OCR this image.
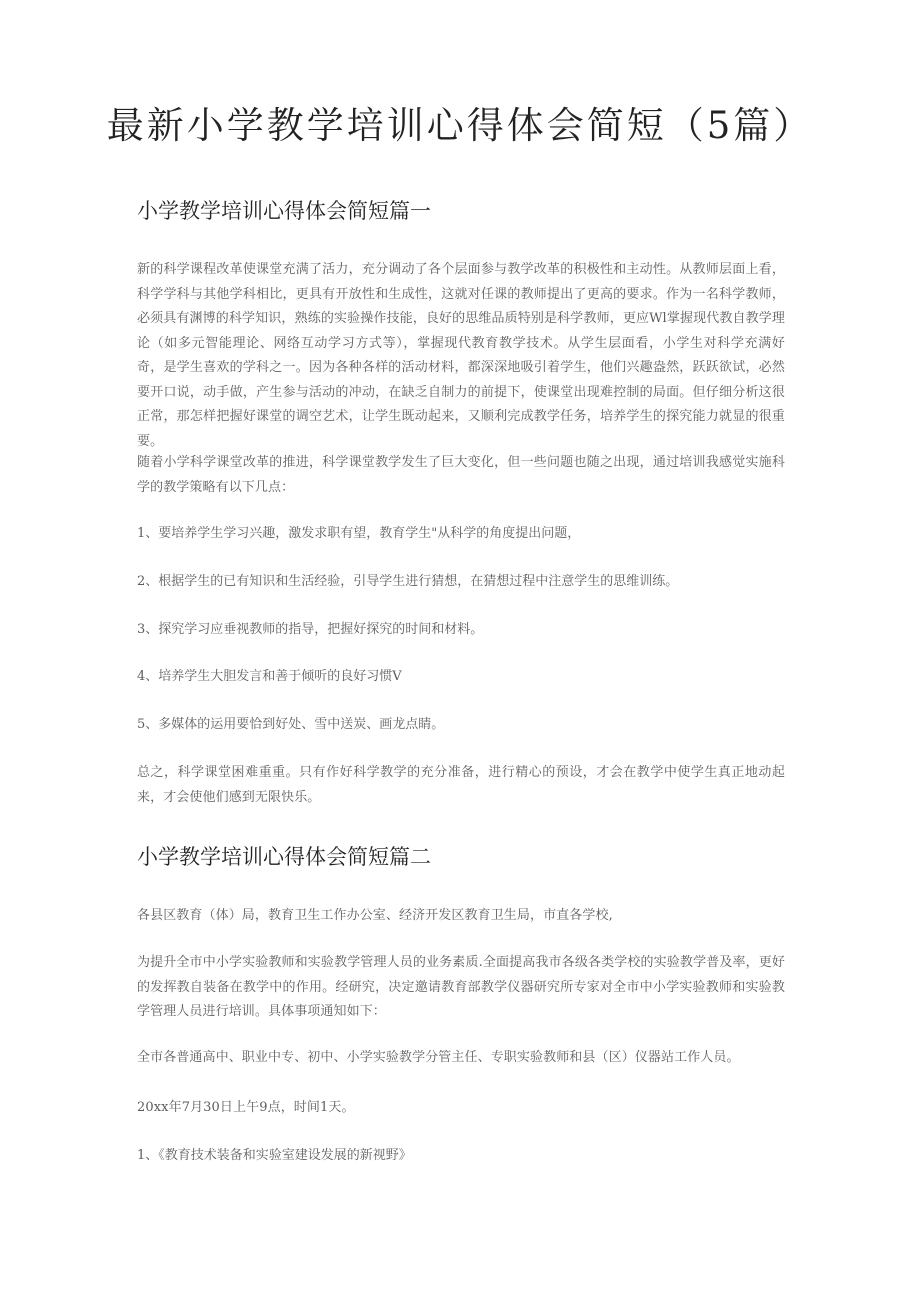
最新小学教学培训心得体会简短（5篇）
小学教学培训心得体会简短篇一

新的科学课程改革使课堂充满了活力，充分调动了各个层面参与教学改革的积极性和主动性。从教师层面上看，科学学科与其他学科相比，更具有开放性和生成性，这就对任课的教师提出了更高的要求。作为一名科学教师，必须具有渊博的科学知识，熟练的实验操作技能，良好的思维品质特别是科学教师，更应Wl掌握现代教自教学理论（如多元智能理论、网络互动学习方式等），掌握现代教育教学技术。从学生层面看，小学生对科学充满好奇，是学生喜欢的学科之一。因为各种各样的活动材料，都深深地吸引着学生，他们兴趣盎然，跃跃欲试，必然要开口说，动手做，产生参与活动的冲动，在缺乏自制力的前提下，使课堂出现难控制的局面。但仔细分析这很正常，那怎样把握好课堂的调空艺术，让学生既动起来，又顺利完成教学任务，培养学生的探究能力就显的很重要。

随着小学科学课堂改革的推进，科学课堂教学发生了巨大变化，但一些问题也随之出现，通过培训我感觉实施科学的教学策略有以下几点：

1、要培养学生学习兴趣，激发求职有望，教育学生"从科学的角度提出问题，

2、根据学生的已有知识和生活经验，引导学生进行猜想，在猜想过程中注意学生的思维训练。

3、探究学习应垂视教师的指导，把握好探究的时间和材料。

4、培养学生大胆发言和善于倾听的良好习惯V

5、多媒体的运用要恰到好处、雪中送炭、画龙点睛。

总之，科学课堂困难重重。只有作好科学教学的充分准备，进行精心的预设，才会在教学中使学生真正地动起来，才会使他们感到无限快乐。

小学教学培训心得体会简短篇二

各县区教育（体）局，教育卫生工作办公室、经济开发区教育卫生局，市直各学校,

为提升全市中小学实验教师和实验教学管理人员的业务素质.全面提高我市各级各类学校的实验教学普及率，更好的发挥教自装备在教学中的作用。经研究，决定邀请教育部教学仪器研究所专家对全市中小学实验教师和实验教学管理人员进行培训。具体事项通知如下：

全市各普通高中、职业中专、初中、小学实验教学分管主任、专职实验教师和县（区）仪器站工作人员。

20xx年7月30日上午9点，时间1天。

1、《教育技术装备和实验室建设发展的新视野》
